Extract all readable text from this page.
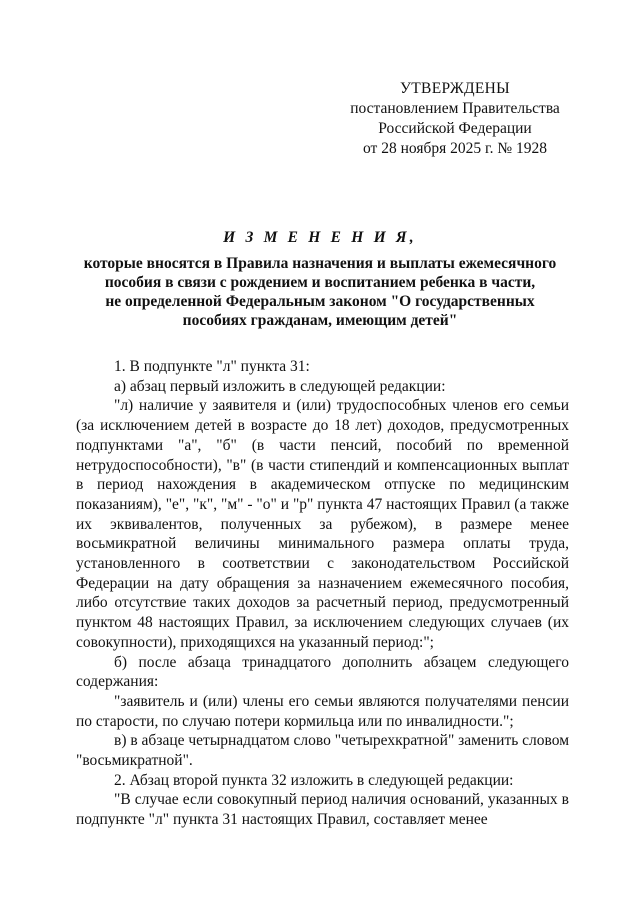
УТВЕРЖДЕНЫ
постановлением Правительства
Российской Федерации
от 28 ноября 2025 г. № 1928
И З М Е Н Е Н И Я,
которые вносятся в Правила назначения и выплаты ежемесячного
пособия в связи с рождением и воспитанием ребенка в части,
не определенной Федеральным законом "О государственных
пособиях гражданам, имеющим детей"

1. В подпункте "л" пункта 31:

а) абзац первый изложить в следующей редакции:

"л) наличие у заявителя и (или) трудоспособных членов его семьи (за исключением детей в возрасте до 18 лет) доходов, предусмотренных подпунктами "а", "б" (в части пенсий, пособий по временной нетрудоспособности), "в" (в части стипендий и компенсационных выплат в период нахождения в академическом отпуске по медицинским показаниям), "е", "к", "м" - "о" и "р" пункта 47 настоящих Правил (а также их эквивалентов, полученных за рубежом), в размере менее восьмикратной величины минимального размера оплаты труда, установленного в соответствии с законодательством Российской Федерации на дату обращения за назначением ежемесячного пособия, либо отсутствие таких доходов за расчетный период, предусмотренный пунктом 48 настоящих Правил, за исключением следующих случаев (их совокупности), приходящихся на указанный период:";

б) после абзаца тринадцатого дополнить абзацем следующего содержания:

"заявитель и (или) члены его семьи являются получателями пенсии по старости, по случаю потери кормильца или по инвалидности.";

в) в абзаце четырнадцатом слово "четырехкратной" заменить словом "восьмикратной".

2. Абзац второй пункта 32 изложить в следующей редакции:

"В случае если совокупный период наличия оснований, указанных в подпункте "л" пункта 31 настоящих Правил, составляет менее
